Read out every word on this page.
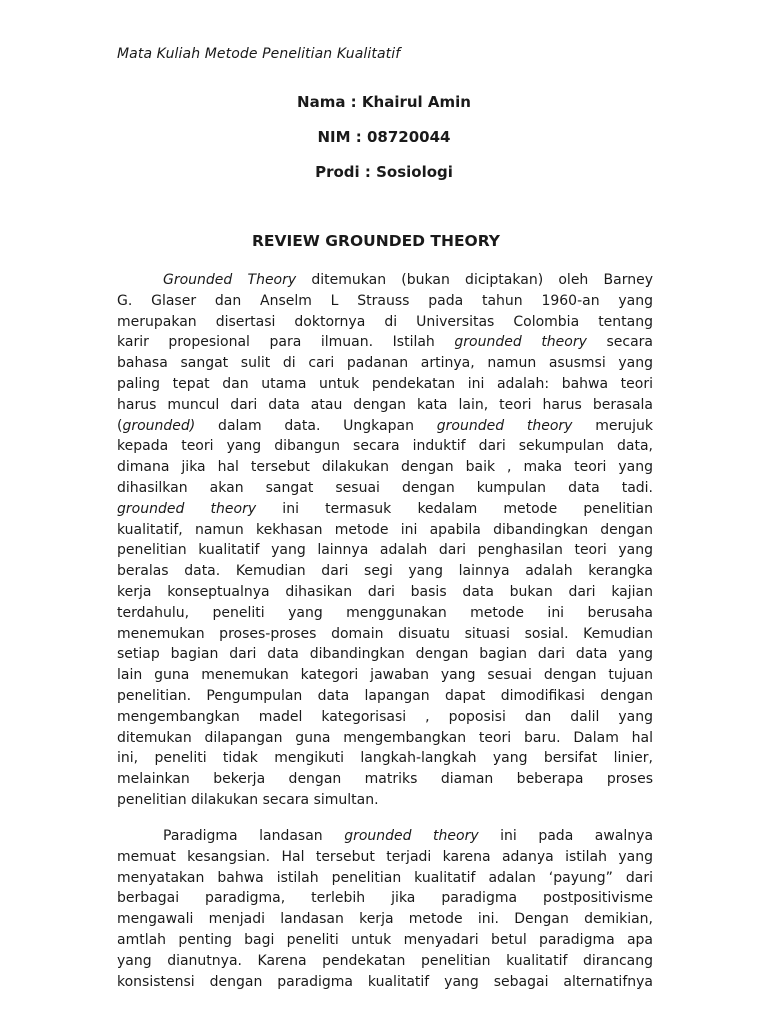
Mata Kuliah Metode Penelitian Kualitatif
Nama : Khairul Amin
NIM : 08720044
Prodi : Sosiologi
REVIEW GROUNDED THEORY
Grounded Theory ditemukan (bukan diciptakan) oleh Barney
G. Glaser dan Anselm L Strauss pada tahun 1960-an yang
merupakan disertasi doktornya di Universitas Colombia tentang
karir propesional para ilmuan. Istilah grounded theory secara
bahasa sangat sulit di cari padanan artinya, namun asusmsi yang
paling tepat dan utama untuk pendekatan ini adalah: bahwa teori
harus muncul dari data atau dengan kata lain, teori harus berasala
(grounded) dalam data. Ungkapan grounded theory merujuk
kepada teori yang dibangun secara induktif dari sekumpulan data,
dimana jika hal tersebut dilakukan dengan baik , maka teori yang
dihasilkan akan sangat sesuai dengan kumpulan data tadi.
grounded theory ini termasuk kedalam metode penelitian
kualitatif, namun kekhasan metode ini apabila dibandingkan dengan
penelitian kualitatif yang lainnya adalah dari penghasilan teori yang
beralas data. Kemudian dari segi yang lainnya adalah kerangka
kerja konseptualnya dihasikan dari basis data bukan dari kajian
terdahulu, peneliti yang menggunakan metode ini berusaha
menemukan proses-proses domain disuatu situasi sosial. Kemudian
setiap bagian dari data dibandingkan dengan bagian dari data yang
lain guna menemukan kategori jawaban yang sesuai dengan tujuan
penelitian. Pengumpulan data lapangan dapat dimodifikasi dengan
mengembangkan madel kategorisasi , poposisi dan dalil yang
ditemukan dilapangan guna mengembangkan teori baru. Dalam hal
ini, peneliti tidak mengikuti langkah-langkah yang bersifat linier,
melainkan bekerja dengan matriks diaman beberapa proses
penelitian dilakukan secara simultan.
Paradigma landasan grounded theory ini pada awalnya
memuat kesangsian. Hal tersebut terjadi karena adanya istilah yang
menyatakan bahwa istilah penelitian kualitatif adalan ‘payung” dari
berbagai paradigma, terlebih jika paradigma postpositivisme
mengawali menjadi landasan kerja metode ini. Dengan demikian,
amtlah penting bagi peneliti untuk menyadari betul paradigma apa
yang dianutnya. Karena pendekatan penelitian kualitatif dirancang
konsistensi dengan paradigma kualitatif yang sebagai alternatifnya
